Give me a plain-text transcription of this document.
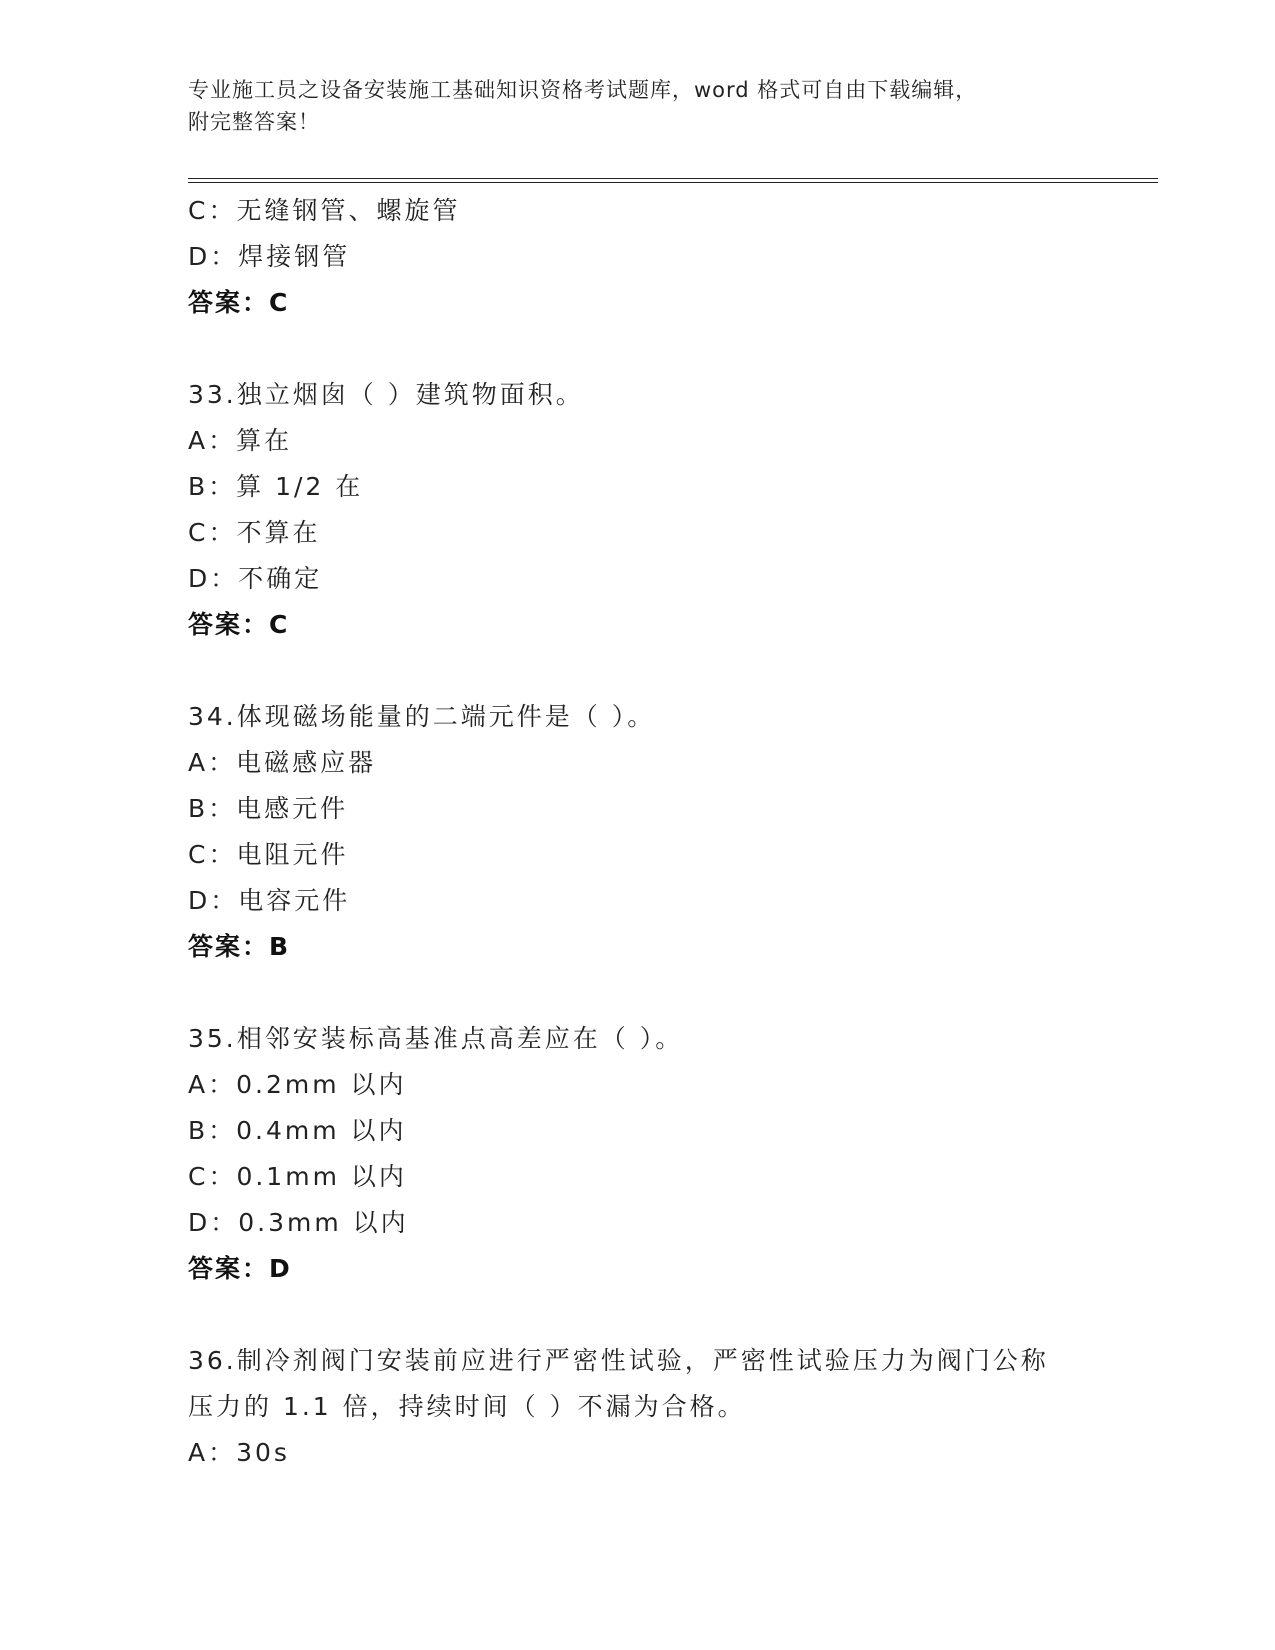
专业施工员之设备安装施工基础知识资格考试题库，word 格式可自由下载编辑，
附完整答案！
C：无缝钢管、螺旋管
D：焊接钢管
答案：C
33.独立烟囱（ ）建筑物面积。
A：算在
B：算 1/2 在
C：不算在
D：不确定
答案：C
34.体现磁场能量的二端元件是（ ）。
A：电磁感应器
B：电感元件
C：电阻元件
D：电容元件
答案：B
35.相邻安装标高基准点高差应在（ ）。
A：0.2mm 以内
B：0.4mm 以内
C：0.1mm 以内
D：0.3mm 以内
答案：D
36.制冷剂阀门安装前应进行严密性试验，严密性试验压力为阀门公称
压力的 1.1 倍，持续时间（ ）不漏为合格。
A：30s
